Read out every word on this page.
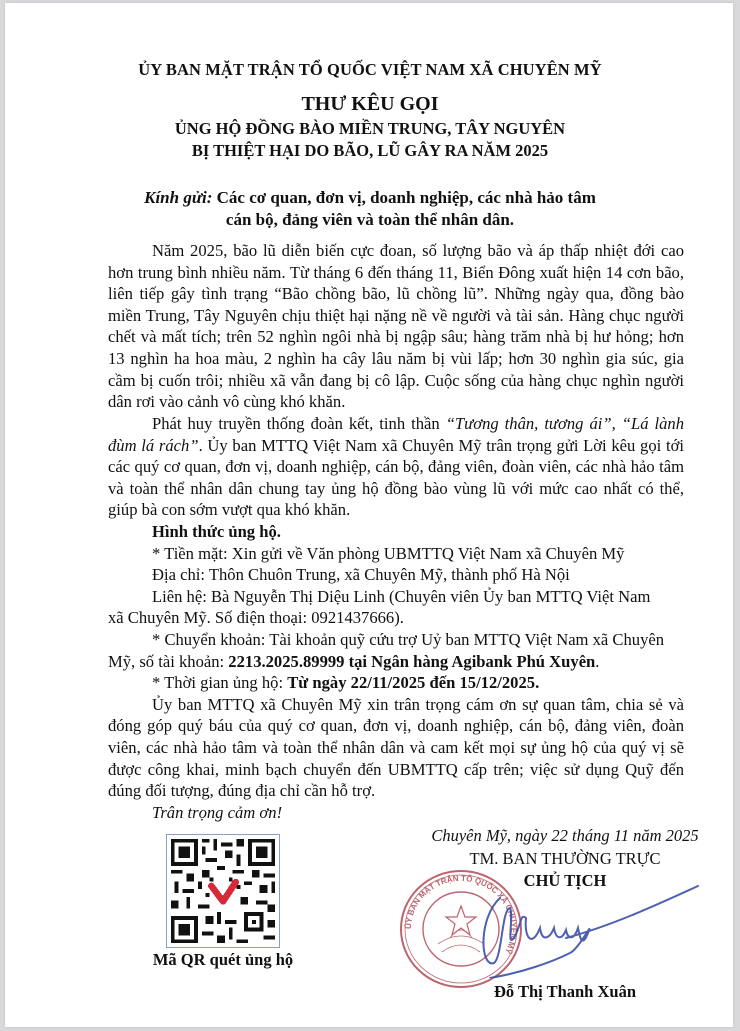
ỦY BAN MẶT TRẬN TỔ QUỐC VIỆT NAM XÃ CHUYÊN MỸ
THƯ KÊU GỌI
ỦNG HỘ ĐỒNG BÀO MIỀN TRUNG, TÂY NGUYÊN
BỊ THIỆT HẠI DO BÃO, LŨ GÂY RA NĂM 2025
Kính gửi: Các cơ quan, đơn vị, doanh nghiệp, các nhà hảo tâm
cán bộ, đảng viên và toàn thể nhân dân.

Năm 2025, bão lũ diễn biến cực đoan, số lượng bão và áp thấp nhiệt đới cao hơn trung bình nhiều năm. Từ tháng 6 đến tháng 11, Biển Đông xuất hiện 14 cơn bão, liên tiếp gây tình trạng “Bão chồng bão, lũ chồng lũ”. Những ngày qua, đồng bào miền Trung, Tây Nguyên chịu thiệt hại nặng nề về người và tài sản. Hàng chục người chết và mất tích; trên 52 nghìn ngôi nhà bị ngập sâu; hàng trăm nhà bị hư hỏng; hơn 13 nghìn ha hoa màu, 2 nghìn ha cây lâu năm bị vùi lấp; hơn 30 nghìn gia súc, gia cầm bị cuốn trôi; nhiều xã vẫn đang bị cô lập. Cuộc sống của hàng chục nghìn người dân rơi vào cảnh vô cùng khó khăn.

Phát huy truyền thống đoàn kết, tinh thần “Tương thân, tương ái”, “Lá lành đùm lá rách”. Ủy ban MTTQ Việt Nam xã Chuyên Mỹ trân trọng gửi Lời kêu gọi tới các quý cơ quan, đơn vị, doanh nghiệp, cán bộ, đảng viên, đoàn viên, các nhà hảo tâm và toàn thể nhân dân chung tay ủng hộ đồng bào vùng lũ với mức cao nhất có thể, giúp bà con sớm vượt qua khó khăn.

Hình thức ủng hộ.
* Tiền mặt: Xin gửi về Văn phòng UBMTTQ Việt Nam xã Chuyên Mỹ
Địa chỉ: Thôn Chuôn Trung, xã Chuyên Mỹ, thành phố Hà Nội
Liên hệ: Bà Nguyễn Thị Diệu Linh (Chuyên viên Ủy ban MTTQ Việt Nam
xã Chuyên Mỹ. Số điện thoại: 0921437666).
* Chuyển khoản: Tài khoản quỹ cứu trợ Uỷ ban MTTQ Việt Nam xã Chuyên
Mỹ, số tài khoản: 2213.2025.89999 tại Ngân hàng Agibank Phú Xuyên.
* Thời gian ủng hộ: Từ ngày 22/11/2025 đến 15/12/2025.

Ủy ban MTTQ xã Chuyên Mỹ xin trân trọng cám ơn sự quan tâm, chia sẻ và đóng góp quý báu của quý cơ quan, đơn vị, doanh nghiệp, cán bộ, đảng viên, đoàn viên, các nhà hảo tâm và toàn thể nhân dân và cam kết mọi sự ủng hộ của quý vị sẽ được công khai, minh bạch chuyển đến UBMTTQ cấp trên; việc sử dụng Quỹ đến đúng đối tượng, đúng địa chỉ cần hỗ trợ.

Trân trọng cảm ơn!
Mã QR quét ủng hộ
Chuyên Mỹ, ngày 22 tháng 11 năm 2025
TM. BAN THƯỜNG TRỰC
CHỦ TỊCH
ỦY BAN MẶT TRẬN TỔ QUỐC XÃ CHUYÊN MỸ
Đỗ Thị Thanh Xuân
